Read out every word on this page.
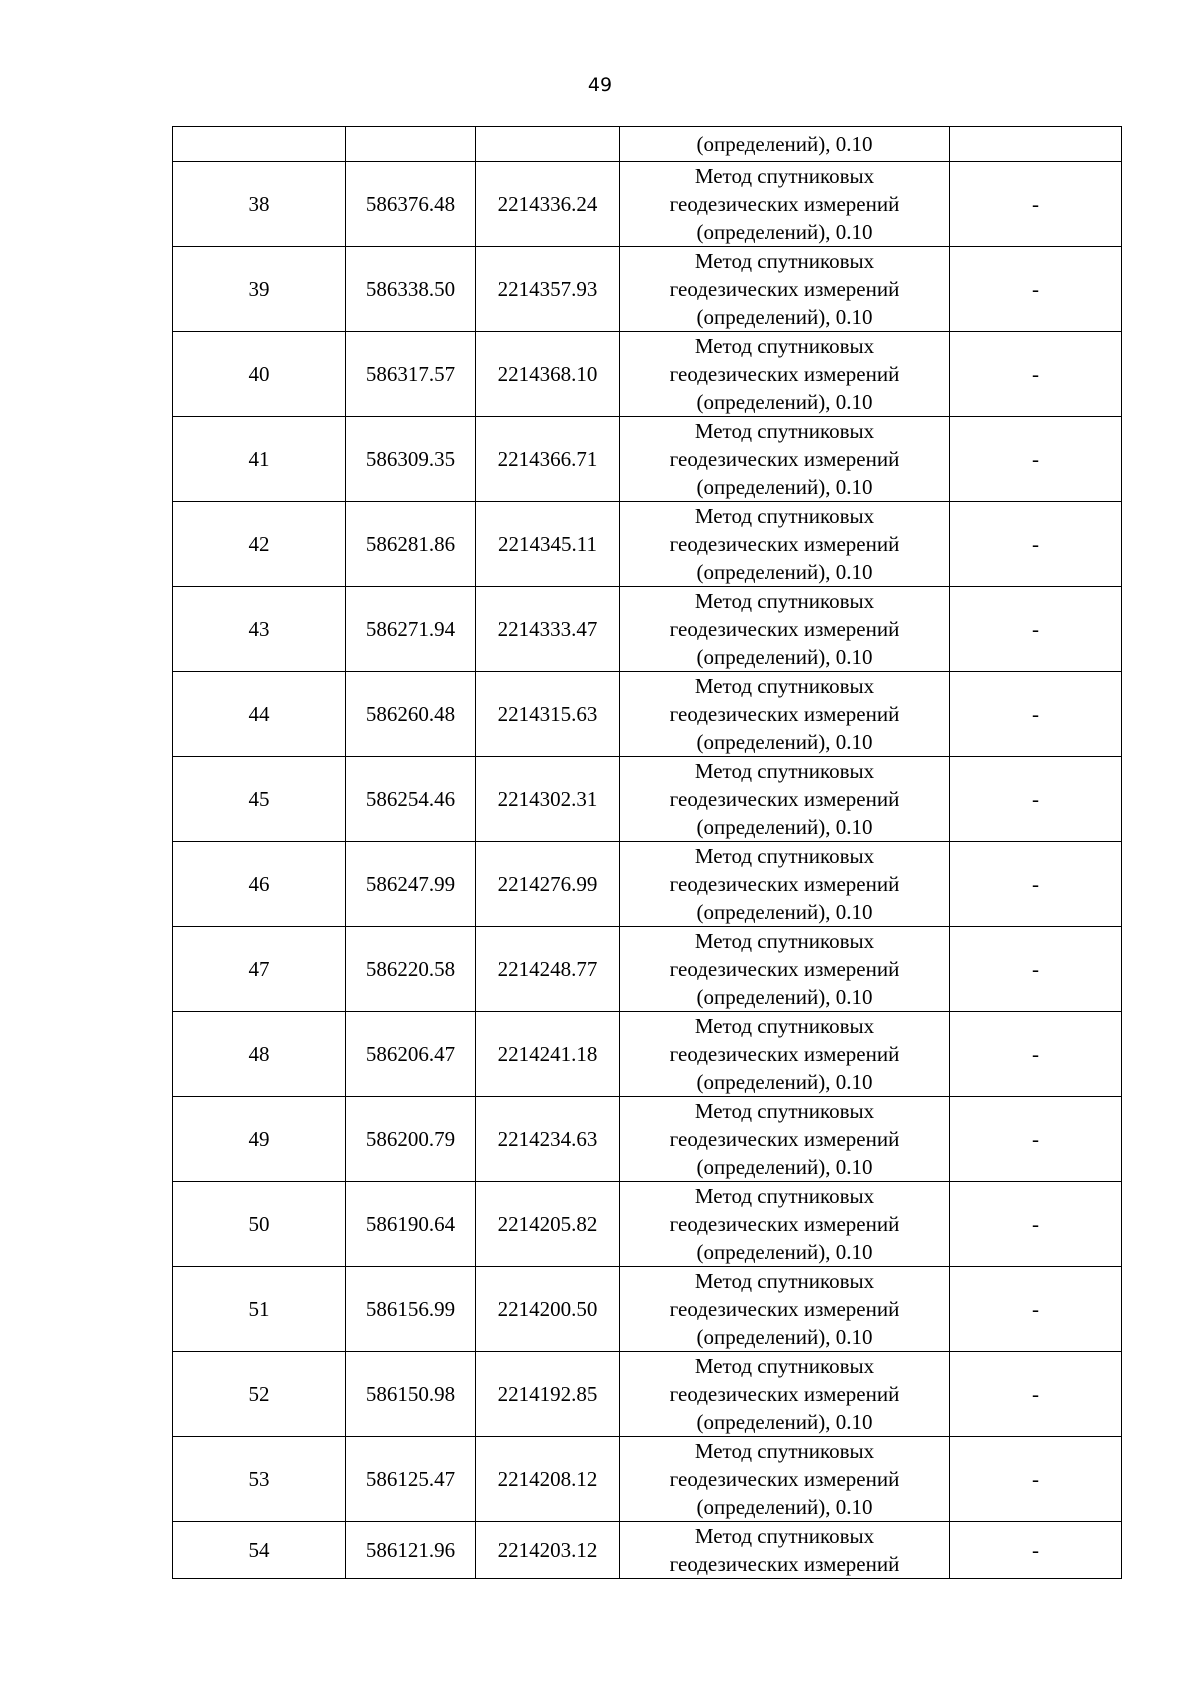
49

			(определений), 0.10	

38	586376.48	2214336.24	Метод спутниковых
геодезических измерений
(определений), 0.10	-
39	586338.50	2214357.93	Метод спутниковых
геодезических измерений
(определений), 0.10	-
40	586317.57	2214368.10	Метод спутниковых
геодезических измерений
(определений), 0.10	-
41	586309.35	2214366.71	Метод спутниковых
геодезических измерений
(определений), 0.10	-
42	586281.86	2214345.11	Метод спутниковых
геодезических измерений
(определений), 0.10	-
43	586271.94	2214333.47	Метод спутниковых
геодезических измерений
(определений), 0.10	-
44	586260.48	2214315.63	Метод спутниковых
геодезических измерений
(определений), 0.10	-
45	586254.46	2214302.31	Метод спутниковых
геодезических измерений
(определений), 0.10	-
46	586247.99	2214276.99	Метод спутниковых
геодезических измерений
(определений), 0.10	-
47	586220.58	2214248.77	Метод спутниковых
геодезических измерений
(определений), 0.10	-
48	586206.47	2214241.18	Метод спутниковых
геодезических измерений
(определений), 0.10	-
49	586200.79	2214234.63	Метод спутниковых
геодезических измерений
(определений), 0.10	-
50	586190.64	2214205.82	Метод спутниковых
геодезических измерений
(определений), 0.10	-
51	586156.99	2214200.50	Метод спутниковых
геодезических измерений
(определений), 0.10	-
52	586150.98	2214192.85	Метод спутниковых
геодезических измерений
(определений), 0.10	-
53	586125.47	2214208.12	Метод спутниковых
геодезических измерений
(определений), 0.10	-
54	586121.96	2214203.12	Метод спутниковых
геодезических измерений	-
